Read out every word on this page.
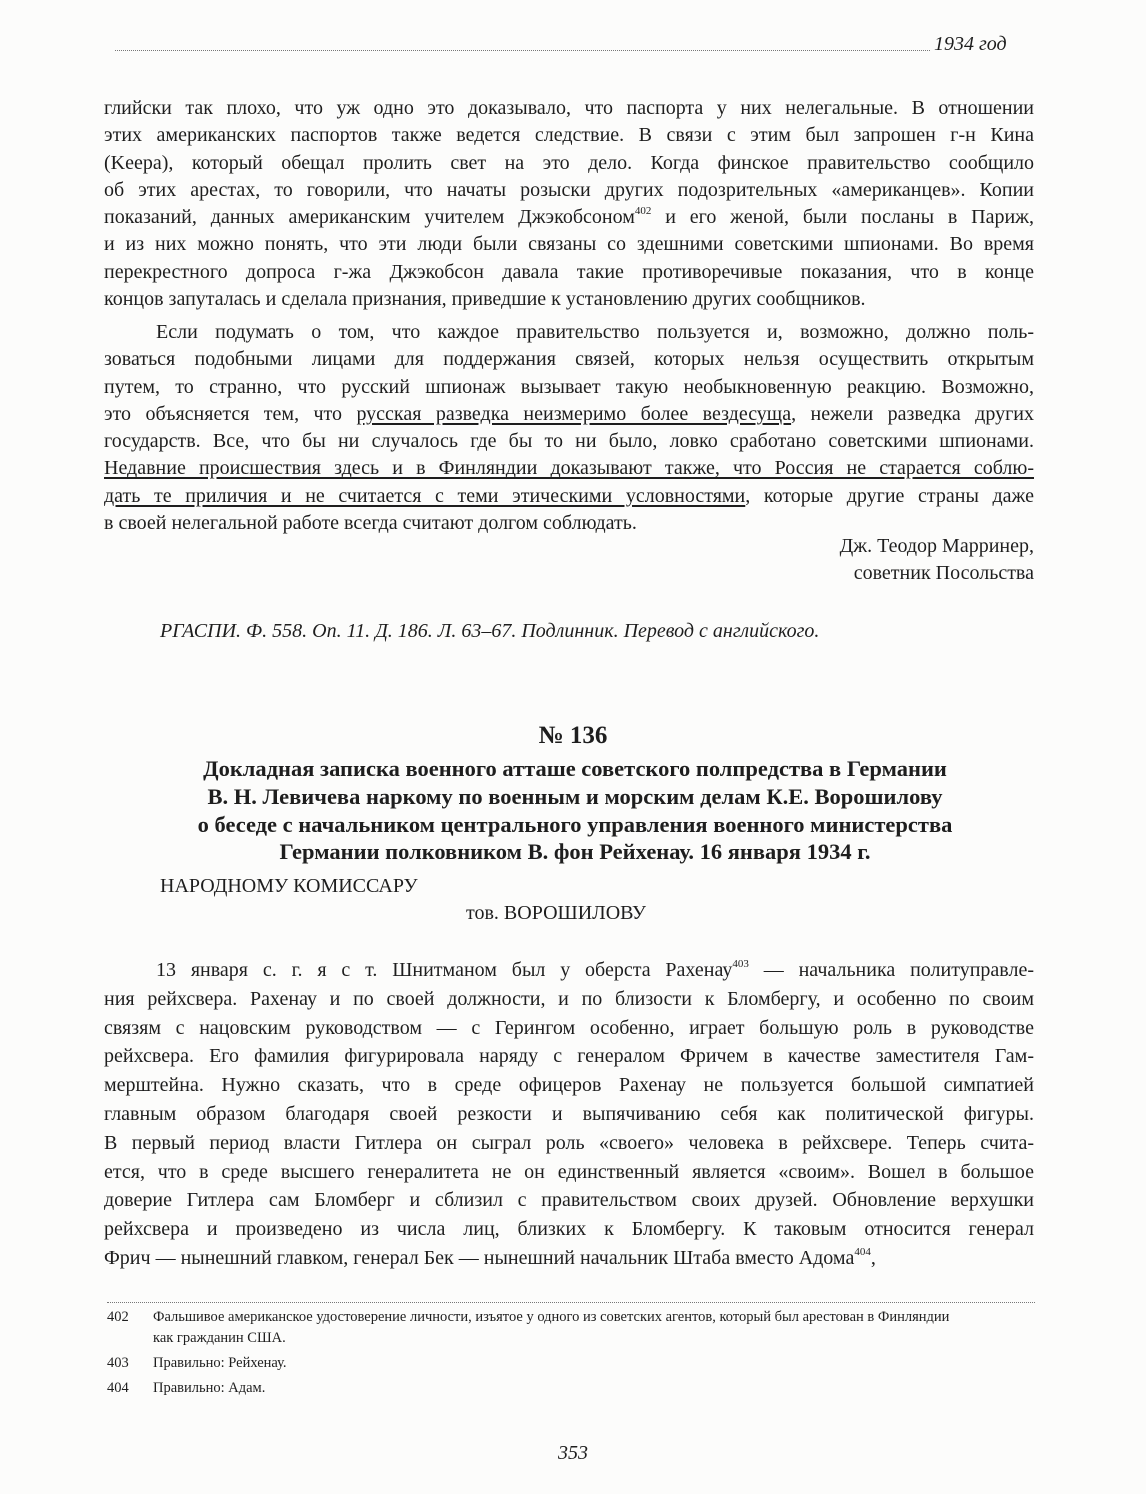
1934 год
глийски так плохо, что уж одно это доказывало, что паспорта у них нелегальные. В отношении
этих американских паспортов также ведется следствие. В связи с этим был запрошен г-н Кина
(Keepa), который обещал пролить свет на это дело. Когда финское правительство сообщило
об этих арестах, то говорили, что начаты розыски других подозрительных «американцев». Копии
показаний, данных американским учителем Джэкобсоном$^{402}$ и его женой, были посланы в Париж,
и из них можно понять, что эти люди были связаны со здешними советскими шпионами. Во время
перекрестного допроса г-жа Джэкобсон давала такие противоречивые показания, что в конце
концов запуталась и сделала признания, приведшие к установлению других сообщников.
Если подумать о том, что каждое правительство пользуется и, возможно, должно поль-
зоваться подобными лицами для поддержания связей, которых нельзя осуществить открытым
путем, то странно, что русский шпионаж вызывает такую необыкновенную реакцию. Возможно,
это объясняется тем, что русская разведка неизмеримо более вездесуща, нежели разведка других
государств. Все, что бы ни случалось где бы то ни было, ловко сработано советскими шпионами.
Недавние происшествия здесь и в Финляндии доказывают также, что Россия не старается соблю-
дать те приличия и не считается с теми этическими условностями, которые другие страны даже
в своей нелегальной работе всегда считают долгом соблюдать.
Дж. Теодор Марринер,
советник Посольства
РГАСПИ. Ф. 558. Оп. 11. Д. 186. Л. 63–67. Подлинник. Перевод с английского.
№ 136
Докладная записка военного атташе советского полпредства в Германии
В. Н. Левичева наркому по военным и морским делам К.Е. Ворошилову
о беседе с начальником центрального управления военного министерства
Германии полковником В. фон Рейхенау. 16 января 1934 г.
НАРОДНОМУ КОМИССАРУ
тов. ВОРОШИЛОВУ
13 января с. г. я с т. Шнитманом был у оберста Рахенау$^{403}$ — начальника политуправле-
ния рейхсвера. Рахенау и по своей должности, и по близости к Бломбергу, и особенно по своим
связям с нацовским руководством — с Герингом особенно, играет большую роль в руководстве
рейхсвера. Его фамилия фигурировала наряду с генералом Фричем в качестве заместителя Гам-
мерштейна. Нужно сказать, что в среде офицеров Рахенау не пользуется большой симпатией
главным образом благодаря своей резкости и выпячиванию себя как политической фигуры.
В первый период власти Гитлера он сыграл роль «своего» человека в рейхсвере. Теперь счита-
ется, что в среде высшего генералитета не он единственный является «своим». Вошел в большое
доверие Гитлера сам Бломберг и сблизил с правительством своих друзей. Обновление верхушки
рейхсвера и произведено из числа лиц, близких к Бломбергу. К таковым относится генерал
Фрич — нынешний главком, генерал Бек — нынешний начальник Штаба вместо Адома$^{404}$,
402 Фальшивое американское удостоверение личности, изъятое у одного из советских агентов, который был арестован в Финляндии
как гражданин США.
403 Правильно: Рейхенау.
404 Правильно: Адам.
353
